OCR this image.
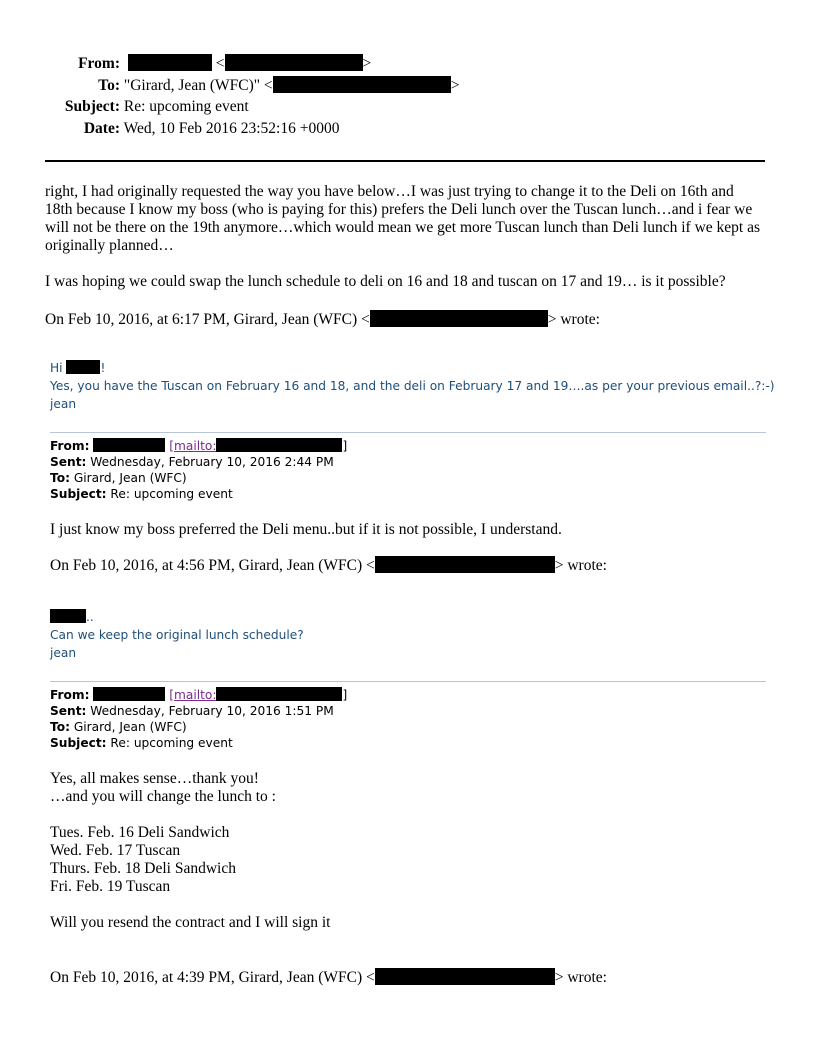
From:	<	>
To: "Girard, Jean (WFC)" <	>
Subject: Re: upcoming event
Date: Wed, 10 Feb 2016 23:52:16 +0000
right, I had originally requested the way you have below…I was just trying to change it to the Deli on 16th and 18th because I know my boss (who is paying for this) prefers the Deli lunch over the Tuscan lunch…and i fear we will not be there on the 19th anymore…which would mean we get more Tuscan lunch than Deli lunch if we kept as originally planned…
I was hoping we could swap the lunch schedule to deli on 16 and 18 and tuscan on 17 and 19… is it possible?
On Feb 10, 2016, at 6:17 PM, Girard, Jean (WFC) <	> wrote:
Hi	!
Yes, you have the Tuscan on February 16 and 18, and the deli on February 17 and 19….as per your previous email..?:-)
jean
From:	[mailto:	]
Sent: Wednesday, February 10, 2016 2:44 PM
To: Girard, Jean (WFC)
Subject: Re: upcoming event
I just know my boss preferred the Deli menu..but if it is not possible, I understand.
On Feb 10, 2016, at 4:56 PM, Girard, Jean (WFC) <	> wrote:
..
Can we keep the original lunch schedule?
jean
From:	[mailto:	]
Sent: Wednesday, February 10, 2016 1:51 PM
To: Girard, Jean (WFC)
Subject: Re: upcoming event
Yes, all makes sense…thank you!
…and you will change the lunch to :
Tues. Feb. 16 Deli Sandwich
Wed. Feb. 17 Tuscan
Thurs. Feb. 18 Deli Sandwich
Fri. Feb. 19 Tuscan
Will you resend the contract and I will sign it
On Feb 10, 2016, at 4:39 PM, Girard, Jean (WFC) <	> wrote:
